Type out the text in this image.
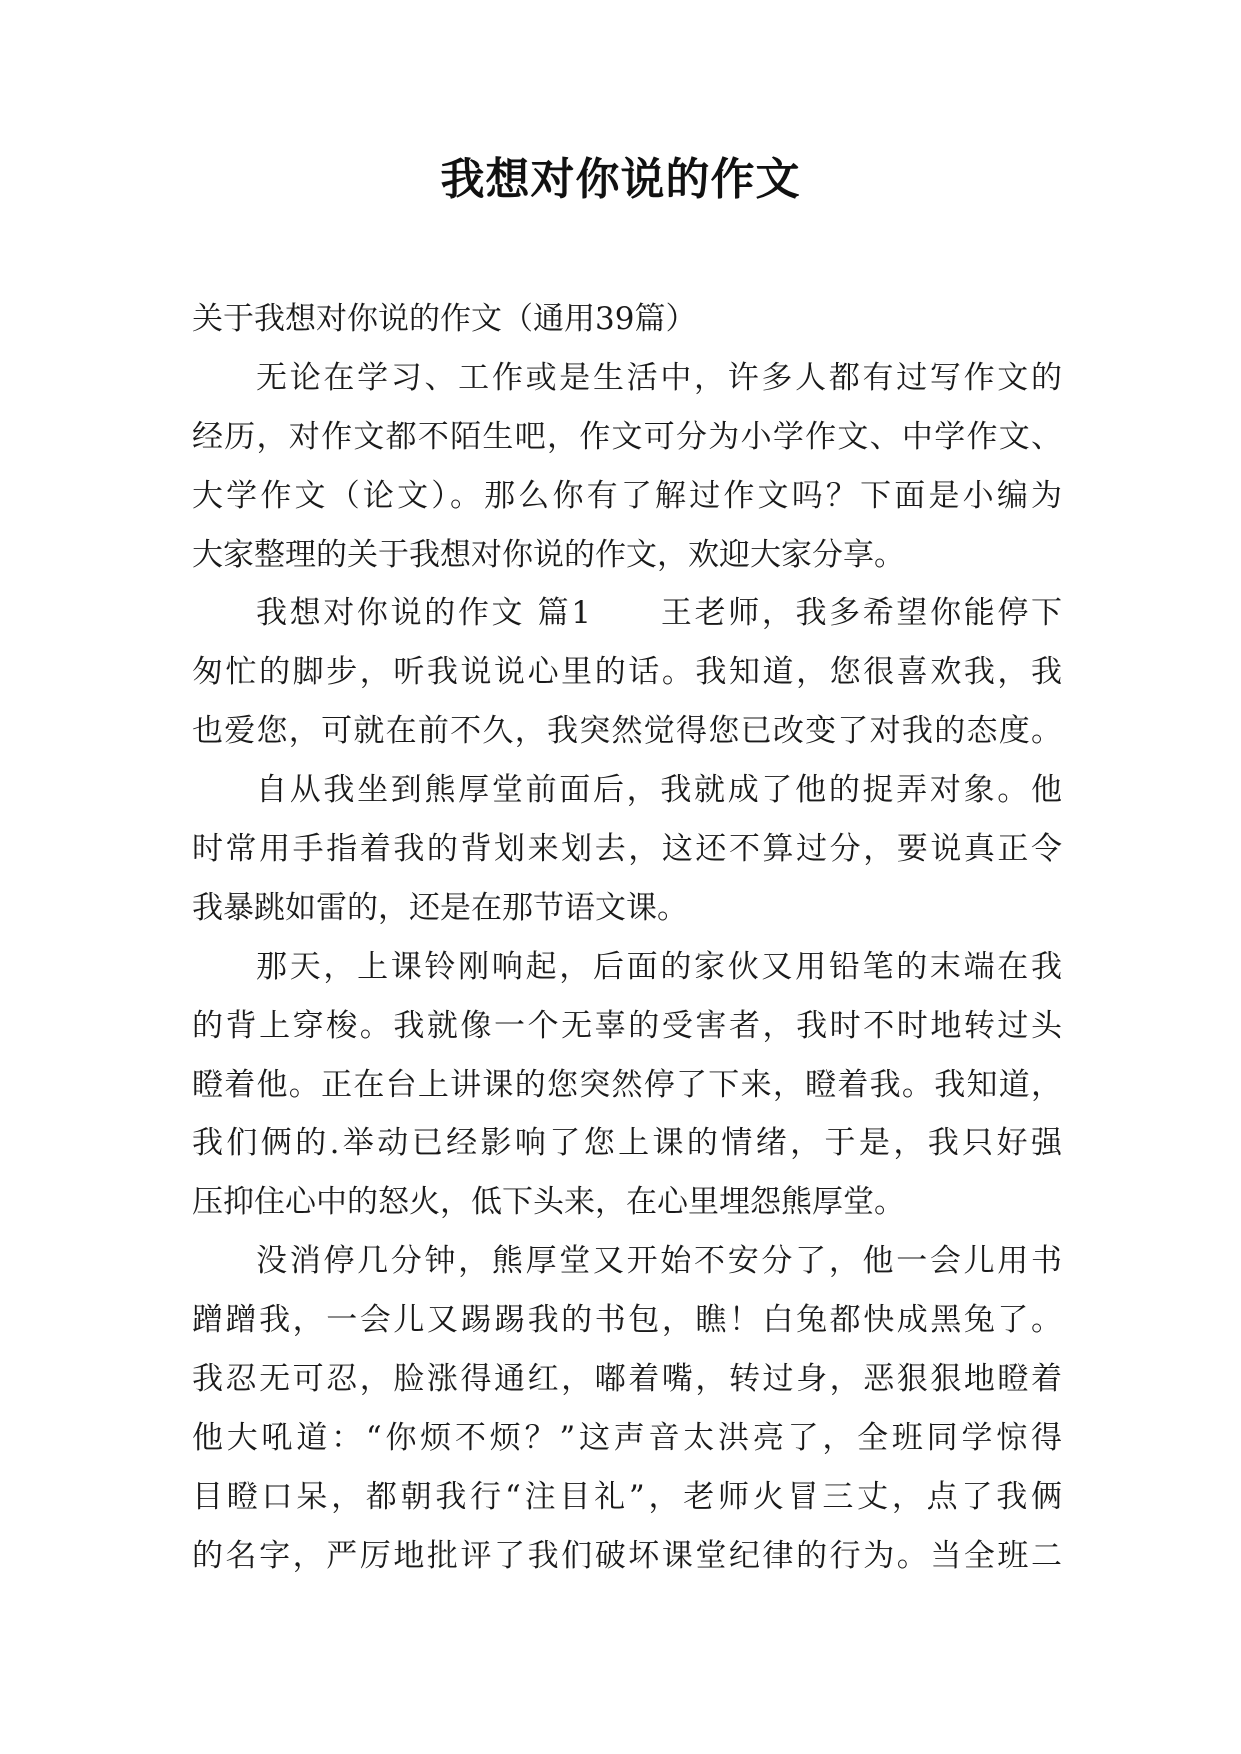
我想对你说的作文
关于我想对你说的作文（通用39篇）
无论在学习、工作或是生活中，许多人都有过写作文的
经历，对作文都不陌生吧，作文可分为小学作文、中学作文、
大学作文（论文）。那么你有了解过作文吗？下面是小编为
大家整理的关于我想对你说的作文，欢迎大家分享。
我想对你说的作文 篇1　　王老师，我多希望你能停下
匆忙的脚步，听我说说心里的话。我知道，您很喜欢我，我
也爱您，可就在前不久，我突然觉得您已改变了对我的态度。
自从我坐到熊厚堂前面后，我就成了他的捉弄对象。他
时常用手指着我的背划来划去，这还不算过分，要说真正令
我暴跳如雷的，还是在那节语文课。
那天，上课铃刚响起，后面的家伙又用铅笔的末端在我
的背上穿梭。我就像一个无辜的受害者，我时不时地转过头
瞪着他。正在台上讲课的您突然停了下来，瞪着我。我知道，
我们俩的.举动已经影响了您上课的情绪，于是，我只好强
压抑住心中的怒火，低下头来，在心里埋怨熊厚堂。
没消停几分钟，熊厚堂又开始不安分了，他一会儿用书
蹭蹭我，一会儿又踢踢我的书包，瞧！白兔都快成黑兔了。
我忍无可忍，脸涨得通红，嘟着嘴，转过身，恶狠狠地瞪着
他大吼道：“你烦不烦？”这声音太洪亮了，全班同学惊得
目瞪口呆，都朝我行“注目礼”，老师火冒三丈，点了我俩
的名字，严厉地批评了我们破坏课堂纪律的行为。当全班二
